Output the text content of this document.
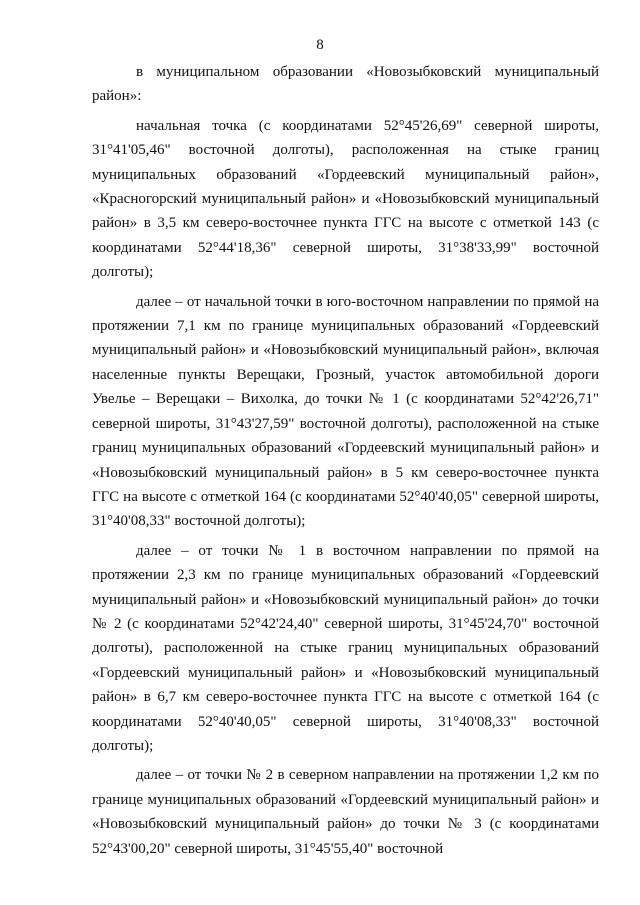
8

в муниципальном образовании «Новозыбковский муниципальный район»:

начальная точка (с координатами 52°45'26,69" северной широты, 31°41'05,46" восточной долготы), расположенная на стыке границ муниципальных образований «Гордеевский муниципальный район», «Красногорский муниципальный район» и «Новозыбковский муниципальный район» в 3,5 км северо-восточнее пункта ГГС на высоте с отметкой 143 (с координатами 52°44'18,36" северной широты, 31°38'33,99" восточной долготы);

далее – от начальной точки в юго-восточном направлении по прямой на протяжении 7,1 км по границе муниципальных образований «Гордеевский муниципальный район» и «Новозыбковский муниципальный район», включая населенные пункты Верещаки, Грозный, участок автомобильной дороги Увелье – Верещаки – Вихолка, до точки № 1 (с координатами 52°42'26,71" северной широты, 31°43'27,59" восточной долготы), расположенной на стыке границ муниципальных образований «Гордеевский муниципальный район» и «Новозыбковский муниципальный район» в 5 км северо-восточнее пункта ГГС на высоте с отметкой 164 (с координатами 52°40'40,05" северной широты, 31°40'08,33" восточной долготы);

далее – от точки № 1 в восточном направлении по прямой на протяжении 2,3 км по границе муниципальных образований «Гордеевский муниципальный район» и «Новозыбковский муниципальный район» до точки № 2 (с координатами 52°42'24,40" северной широты, 31°45'24,70" восточной долготы), расположенной на стыке границ муниципальных образований «Гордеевский муниципальный район» и «Новозыбковский муниципальный район» в 6,7 км северо-восточнее пункта ГГС на высоте с отметкой 164 (с координатами 52°40'40,05" северной широты, 31°40'08,33" восточной долготы);

далее – от точки № 2 в северном направлении на протяжении 1,2 км по границе муниципальных образований «Гордеевский муниципальный район» и «Новозыбковский муниципальный район» до точки № 3 (с координатами 52°43'00,20" северной широты, 31°45'55,40" восточной
